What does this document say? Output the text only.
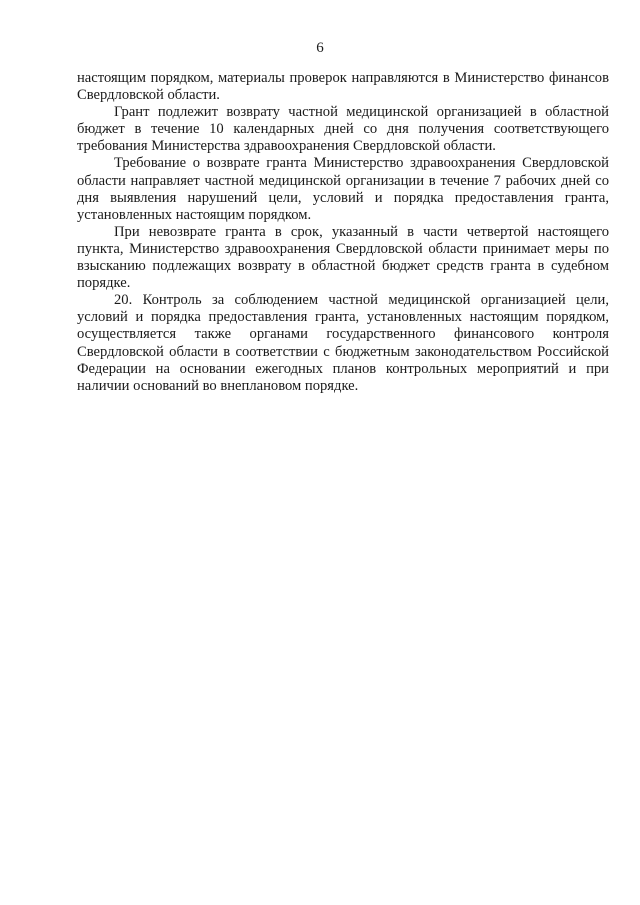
6

настоящим порядком, материалы проверок направляются в Министерство финансов Свердловской области.

Грант подлежит возврату частной медицинской организацией в областной бюджет в течение 10 календарных дней со дня получения соответствующего требования Министерства здравоохранения Свердловской области.

Требование о возврате гранта Министерство здравоохранения Свердловской области направляет частной медицинской организации в течение 7 рабочих дней со дня выявления нарушений цели, условий и порядка предоставления гранта, установленных настоящим порядком.

При невозврате гранта в срок, указанный в части четвертой настоящего пункта, Министерство здравоохранения Свердловской области принимает меры по взысканию подлежащих возврату в областной бюджет средств гранта в судебном порядке.

20. Контроль за соблюдением частной медицинской организацией цели, условий и порядка предоставления гранта, установленных настоящим порядком, осуществляется также органами государственного финансового контроля Свердловской области в соответствии с бюджетным законодательством Российской Федерации на основании ежегодных планов контрольных мероприятий и при наличии оснований во внеплановом порядке.
